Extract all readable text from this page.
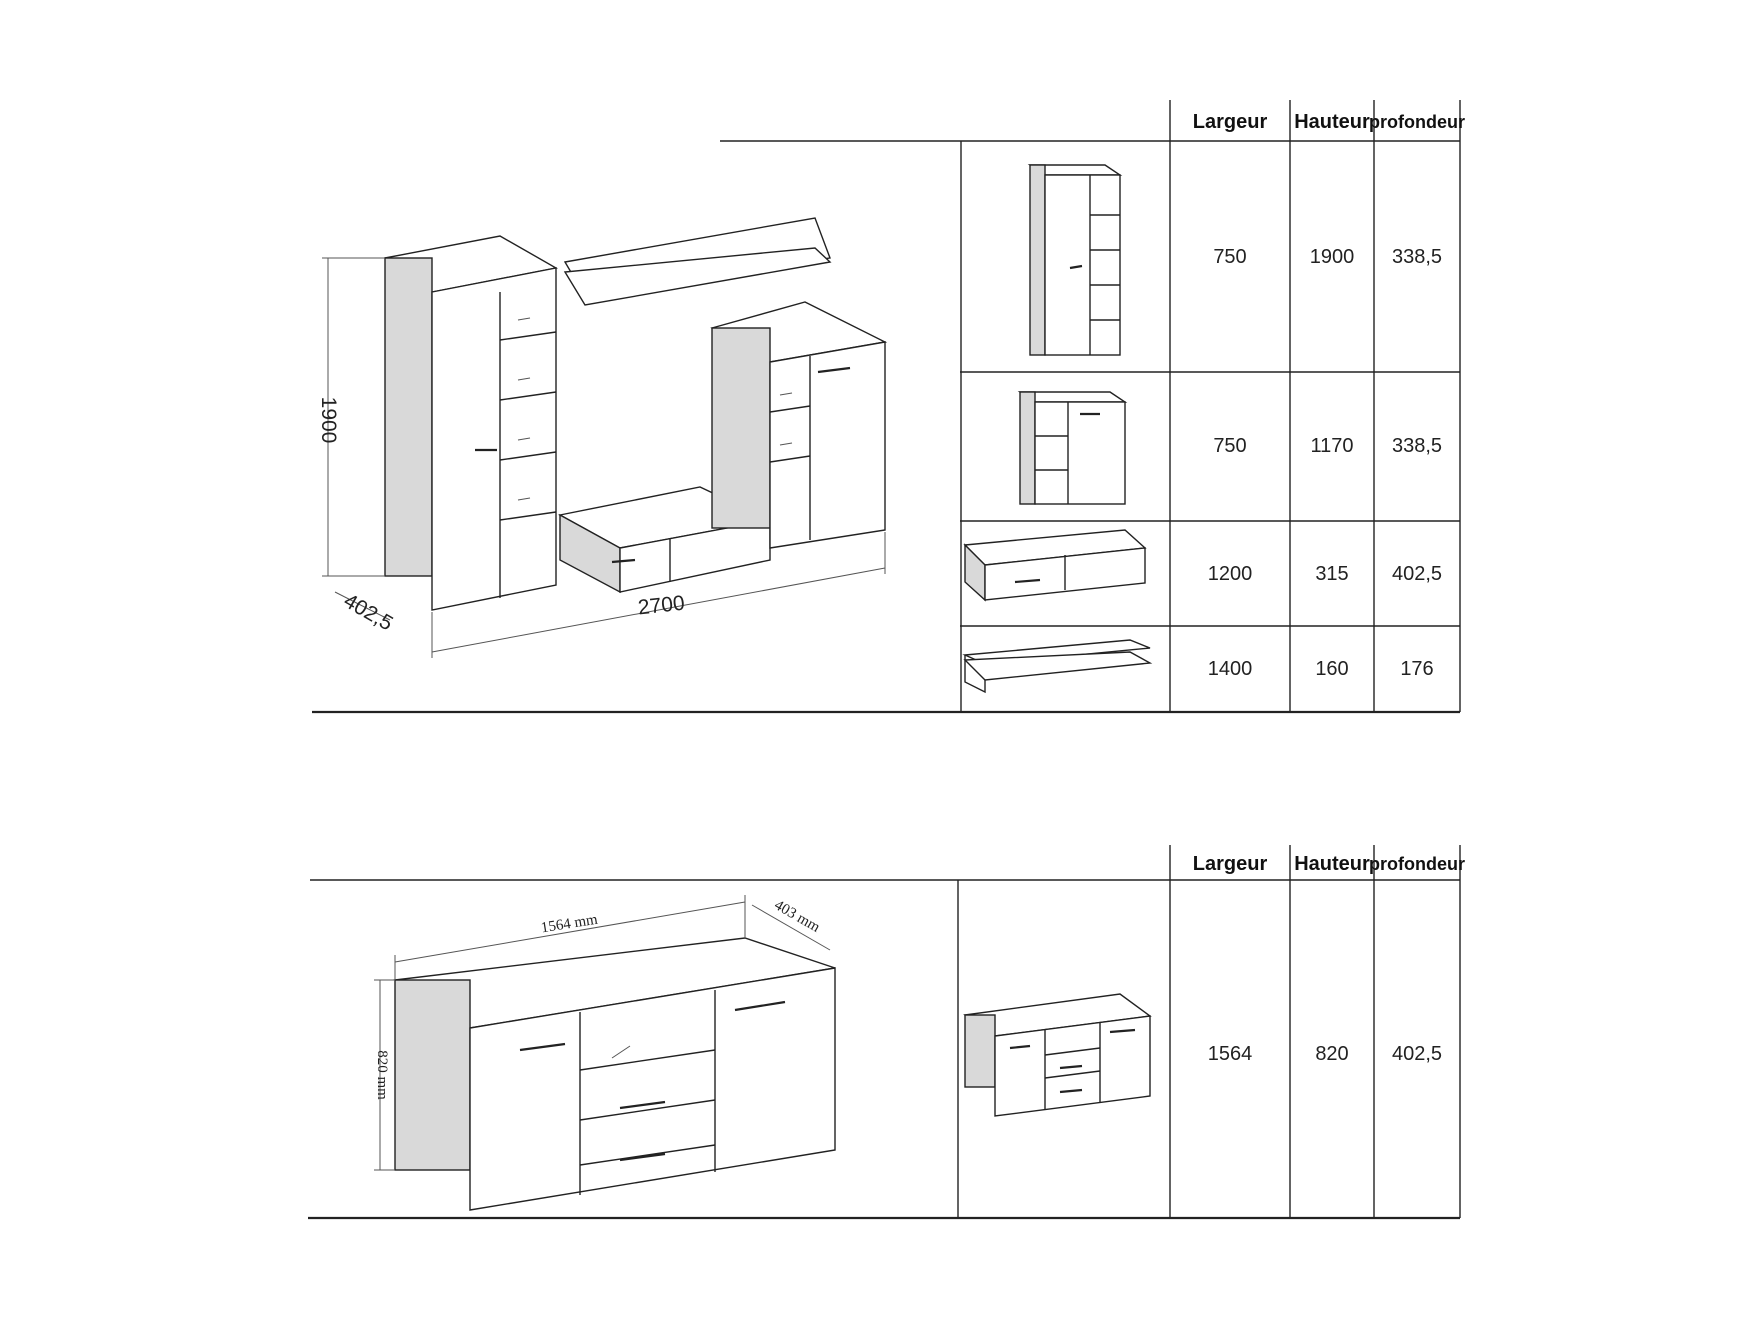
Largeur Hauteur profondeur
750	1900 338,5
750	1170 338,5
1200	315 402,5
1400	160	176
1900
402,5	2700
Largeur Hauteur profondeur
1564	820 402,5
1564 mm	403 mm
820 mm
